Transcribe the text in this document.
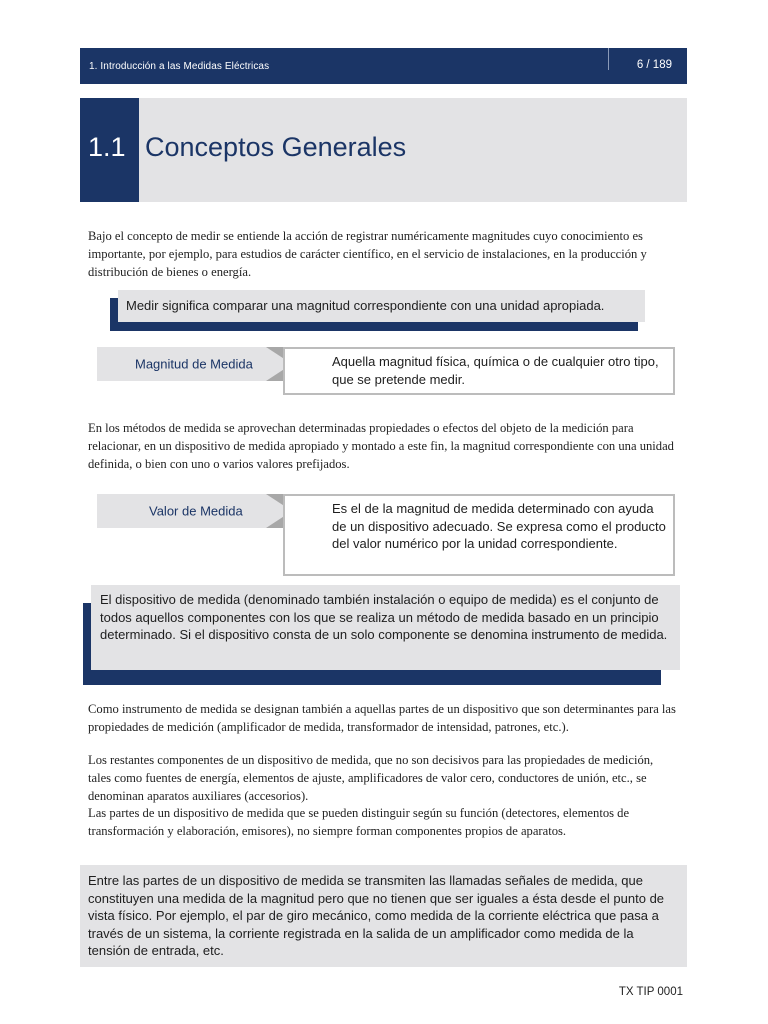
1. Introducción a las Medidas Eléctricas	6 / 189
1.1 Conceptos Generales

Bajo el concepto de medir se entiende la acción de registrar numéricamente magnitudes cuyo conocimiento es importante, por ejemplo, para estudios de carácter científico, en el servicio de instalaciones, en la producción y distribución de bienes o energía.

Medir significa comparar una magnitud correspondiente con una unidad apropiada.
Magnitud de Medida	Aquella magnitud física, química o de cualquier otro tipo, que se pretende medir.

En los métodos de medida se aprovechan determinadas propiedades o efectos del objeto de la medición para relacionar, en un dispositivo de medida apropiado y montado a este fin, la magnitud correspondiente con una unidad definida, o bien con uno o varios valores prefijados.

Valor de Medida	Es el de la magnitud de medida determinado con ayuda de un dispositivo adecuado. Se expresa como el producto del valor numérico por la unidad correspondiente.
El dispositivo de medida (denominado también instalación o equipo de medida) es el conjunto de todos aquellos componentes con los que se realiza un método de medida basado en un principio determinado. Si el dispositivo consta de un solo componente se denomina instrumento de medida.

Como instrumento de medida se designan también a aquellas partes de un dispositivo que son determinantes para las propiedades de medición (amplificador de medida, transformador de intensidad, patrones, etc.).

Los restantes componentes de un dispositivo de medida, que no son decisivos para las propiedades de medición, tales como fuentes de energía, elementos de ajuste, amplificadores de valor cero, conductores de unión, etc., se denominan aparatos auxiliares (accesorios).

Las partes de un dispositivo de medida que se pueden distinguir según su función (detectores, elementos de transformación y elaboración, emisores), no siempre forman componentes propios de aparatos.

Entre las partes de un dispositivo de medida se transmiten las llamadas señales de medida, que constituyen una medida de la magnitud pero que no tienen que ser iguales a ésta desde el punto de vista físico. Por ejemplo, el par de giro mecánico, como medida de la corriente eléctrica que pasa a través de un sistema, la corriente registrada en la salida de un amplificador como medida de la tensión de entrada, etc.
TX TIP 0001
